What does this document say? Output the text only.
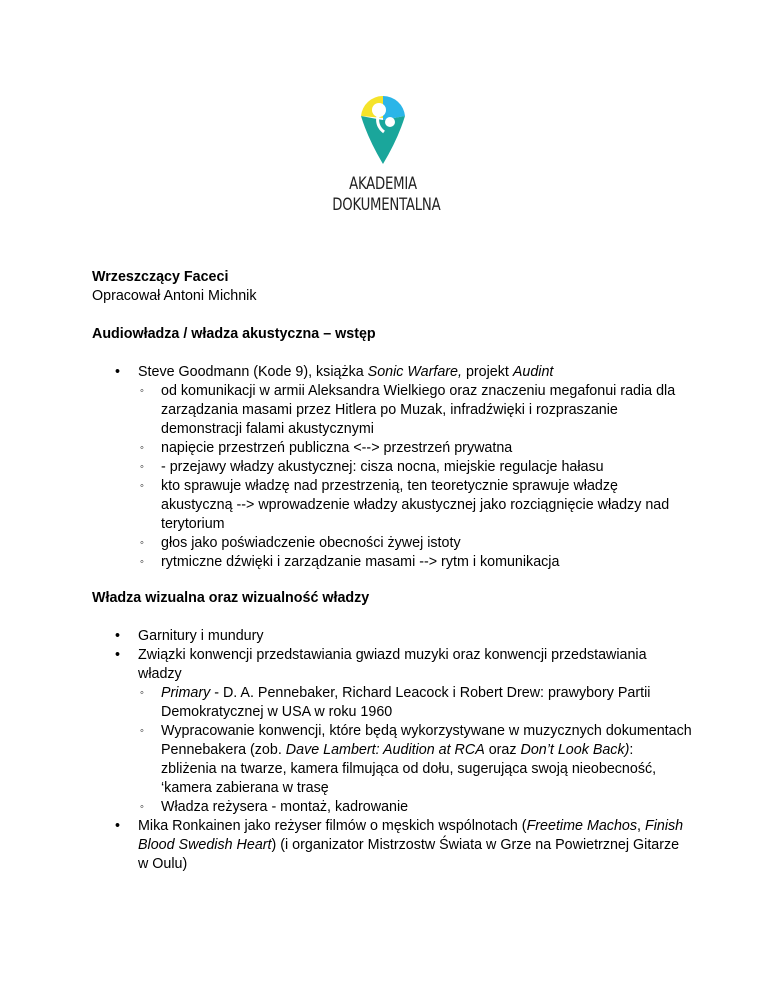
AKADEMIA
DOKUMENTALNA
Wrzeszczący Faceci
Opracował Antoni Michnik
Audiowładza / władza akustyczna – wstęp
• Steve Goodmann (Kode 9), książka Sonic Warfare, projekt Audint
◦ od komunikacji w armii Aleksandra Wielkiego oraz znaczeniu megafonui radia dla zarządzania masami przez Hitlera po Muzak, infradźwięki i rozpraszanie demonstracji falami akustycznymi
◦ napięcie przestrzeń publiczna <--> przestrzeń prywatna
◦ - przejawy władzy akustycznej: cisza nocna, miejskie regulacje hałasu
◦ kto sprawuje władzę nad przestrzenią, ten teoretycznie sprawuje władzę akustyczną --> wprowadzenie władzy akustycznej jako rozciągnięcie władzy nad terytorium
◦ głos jako poświadczenie obecności żywej istoty
◦ rytmiczne dźwięki i zarządzanie masami --> rytm i komunikacja
Władza wizualna oraz wizualność władzy
• Garnitury i mundury
• Związki konwencji przedstawiania gwiazd muzyki oraz konwencji przedstawiania władzy
◦ Primary - D. A. Pennebaker, Richard Leacock i Robert Drew: prawybory Partii Demokratycznej w USA w roku 1960
◦ Wypracowanie konwencji, które będą wykorzystywane w muzycznych dokumentach Pennebakera (zob. Dave Lambert: Audition at RCA oraz Don’t Look Back): zbliżenia na twarze, kamera filmująca od dołu, sugerująca swoją nieobecność, ‘kamera zabierana w trasę
◦ Władza reżysera - montaż, kadrowanie
• Mika Ronkainen jako reżyser filmów o męskich wspólnotach (Freetime Machos, Finish Blood Swedish Heart) (i organizator Mistrzostw Świata w Grze na Powietrznej Gitarze w Oulu)
